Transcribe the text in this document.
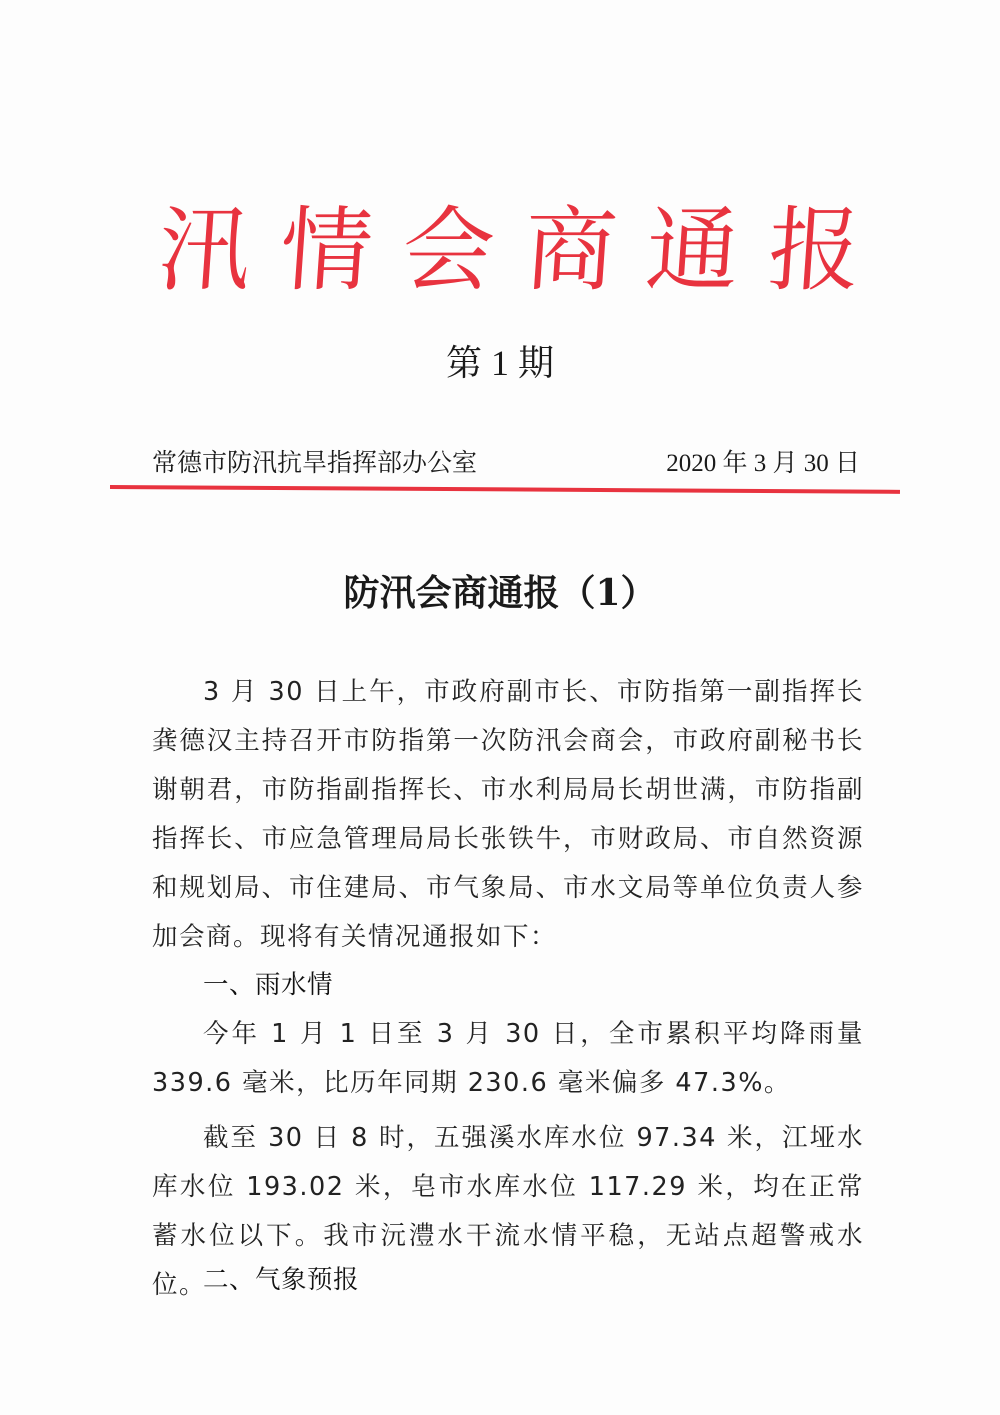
汛 情 会 商 通 报
第 1 期
常德市防汛抗旱指挥部办公室	2020 年 3 月 30 日
防汛会商通报（1）

3 月 30 日上午，市政府副市长、市防指第一副指挥长龚德汉主持召开市防指第一次防汛会商会，市政府副秘书长谢朝君，市防指副指挥长、市水利局局长胡世满，市防指副指挥长、市应急管理局局长张铁牛，市财政局、市自然资源和规划局、市住建局、市气象局、市水文局等单位负责人参加会商。现将有关情况通报如下：

一、雨水情

今年 1 月 1 日至 3 月 30 日，全市累积平均降雨量 339.6 毫米，比历年同期 230.6 毫米偏多 47.3%。

截至 30 日 8 时，五强溪水库水位 97.34 米，江垭水库水位 193.02 米，皂市水库水位 117.29 米，均在正常蓄水位以下。我市沅澧水干流水情平稳，无站点超警戒水位。

二、气象预报
